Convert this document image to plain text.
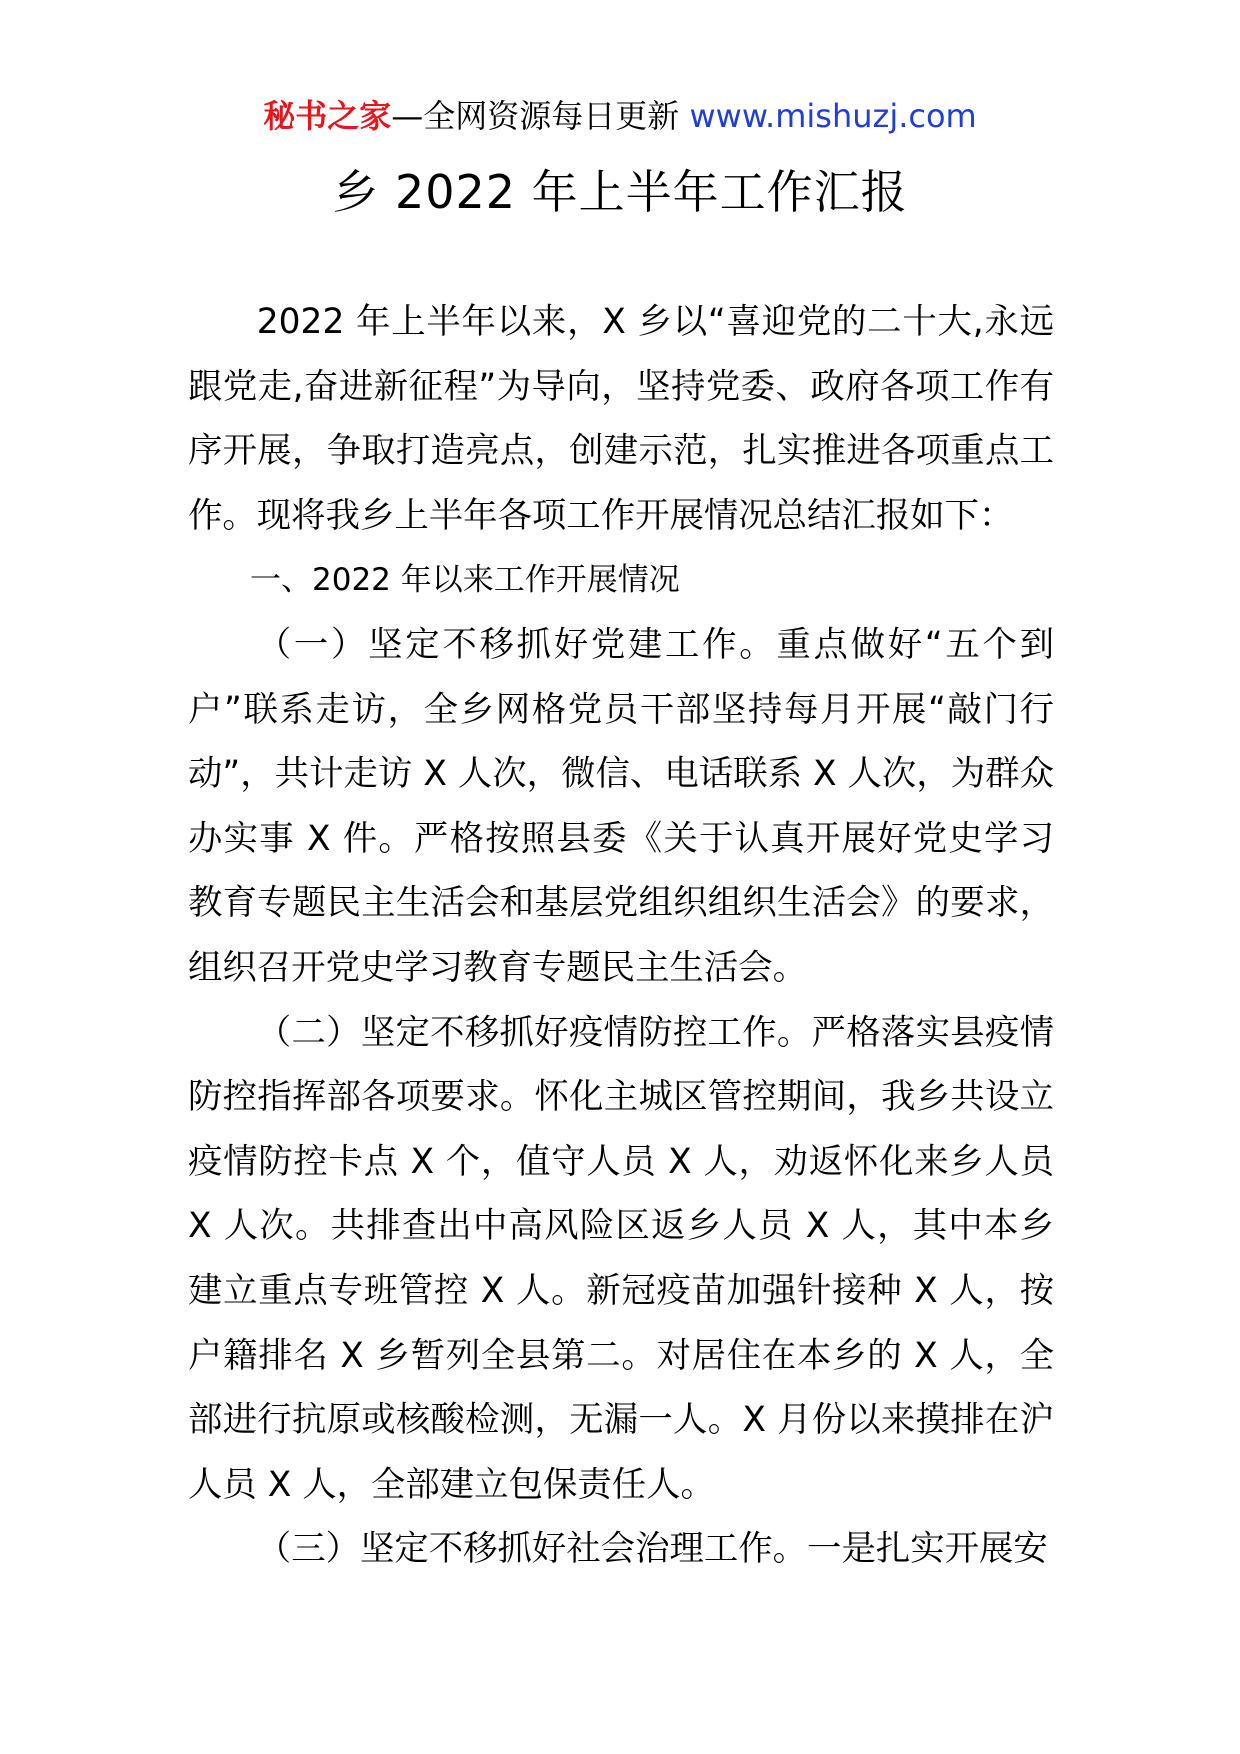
秘书之家—全网资源每日更新 www.mishuzj.com
乡 2022 年上半年工作汇报

2022 年上半年以来，X 乡以“喜迎党的二十大,永远跟党走,奋进新征程”为导向，坚持党委、政府各项工作有序开展，争取打造亮点，创建示范，扎实推进各项重点工作。现将我乡上半年各项工作开展情况总结汇报如下：

一、2022 年以来工作开展情况

（一）坚定不移抓好党建工作。重点做好“五个到户”联系走访，全乡网格党员干部坚持每月开展“敲门行动”，共计走访 X 人次，微信、电话联系 X 人次，为群众办实事 X 件。严格按照县委《关于认真开展好党史学习教育专题民主生活会和基层党组织组织生活会》的要求，组织召开党史学习教育专题民主生活会。

（二）坚定不移抓好疫情防控工作。严格落实县疫情防控指挥部各项要求。怀化主城区管控期间，我乡共设立疫情防控卡点 X 个，值守人员 X 人，劝返怀化来乡人员 X 人次。共排查出中高风险区返乡人员 X 人，其中本乡建立重点专班管控 X 人。新冠疫苗加强针接种 X 人，按户籍排名 X 乡暂列全县第二。对居住在本乡的 X 人，全部进行抗原或核酸检测，无漏一人。X 月份以来摸排在沪人员 X 人，全部建立包保责任人。

（三）坚定不移抓好社会治理工作。一是扎实开展安
